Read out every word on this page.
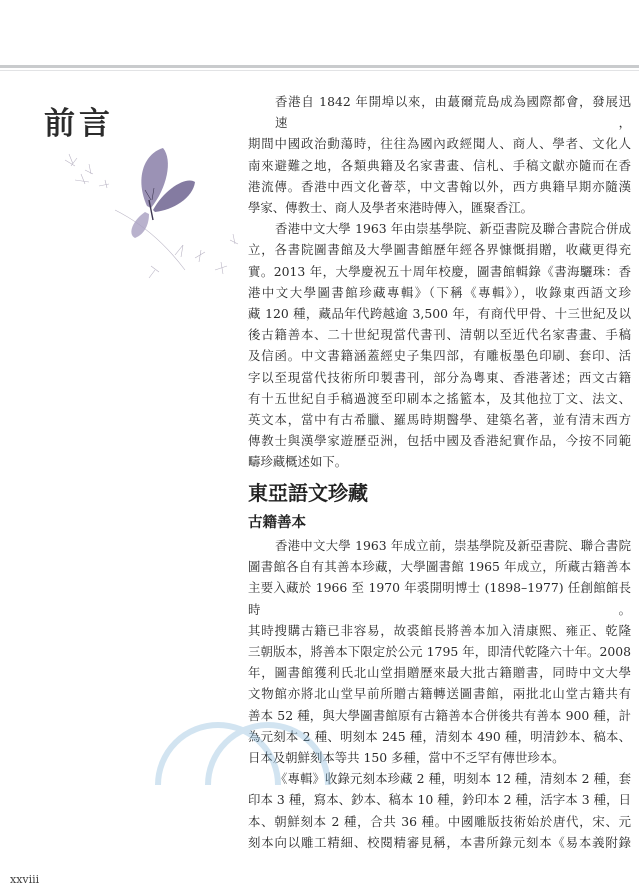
前言
香港自 1842 年開埠以來，由蕞爾荒島成為國際都會，發展迅速，
期間中國政治動蕩時，往往為國內政經聞人、商人、學者、文化人
南來避難之地，各類典籍及名家書畫、信札、手稿文獻亦隨而在香
港流傳。香港中西文化薈萃，中文書翰以外，西方典籍早期亦隨漢
學家、傳教士、商人及學者來港時傳入，匯聚香江。
香港中文大學 1963 年由崇基學院、新亞書院及聯合書院合併成
立，各書院圖書館及大學圖書館歷年經各界慷慨捐贈，收藏更得充
實。2013 年，大學慶祝五十周年校慶，圖書館輯錄《書海驪珠：香
港中文大學圖書館珍藏專輯》（下稱《專輯》），收錄東西語文珍
藏 120 種，藏品年代跨越逾 3,500 年，有商代甲骨、十三世紀及以
後古籍善本、二十世紀現當代書刊、清朝以至近代名家書畫、手稿
及信函。中文書籍涵蓋經史子集四部，有雕板墨色印刷、套印、活
字以至現當代技術所印製書刊，部分為粵東、香港著述；西文古籍
有十五世紀自手稿過渡至印刷本之搖籃本，及其他拉丁文、法文、
英文本，當中有古希臘、羅馬時期醫學、建築名著，並有清末西方
傳教士與漢學家遊歷亞洲，包括中國及香港紀實作品，今按不同範
疇珍藏概述如下。
東亞語文珍藏
古籍善本
香港中文大學 1963 年成立前，崇基學院及新亞書院、聯合書院
圖書館各自有其善本珍藏，大學圖書館 1965 年成立，所藏古籍善本
主要入藏於 1966 至 1970 年裘開明博士 (1898–1977) 任創館館長時。
其時搜購古籍已非容易，故裘館長將善本加入清康熙、雍正、乾隆
三朝版本，將善本下限定於公元 1795 年，即清代乾隆六十年。2008
年，圖書館獲利氏北山堂捐贈歷來最大批古籍贈書，同時中文大學
文物館亦將北山堂早前所贈古籍轉送圖書館，兩批北山堂古籍共有
善本 52 種，與大學圖書館原有古籍善本合併後共有善本 900 種，計
為元刻本 2 種、明刻本 245 種，清刻本 490 種，明清鈔本、稿本、
日本及朝鮮刻本等共 150 多種，當中不乏罕有傳世珍本。
《專輯》收錄元刻本珍藏 2 種，明刻本 12 種，清刻本 2 種，套
印本 3 種，寫本、鈔本、稿本 10 種，鈐印本 2 種，活字本 3 種，日
本、朝鮮刻本 2 種，合共 36 種。中國雕版技術始於唐代，宋、元
刻本向以雕工精細、校閱精審見稱，本書所錄元刻本《易本義附錄
xxviii
